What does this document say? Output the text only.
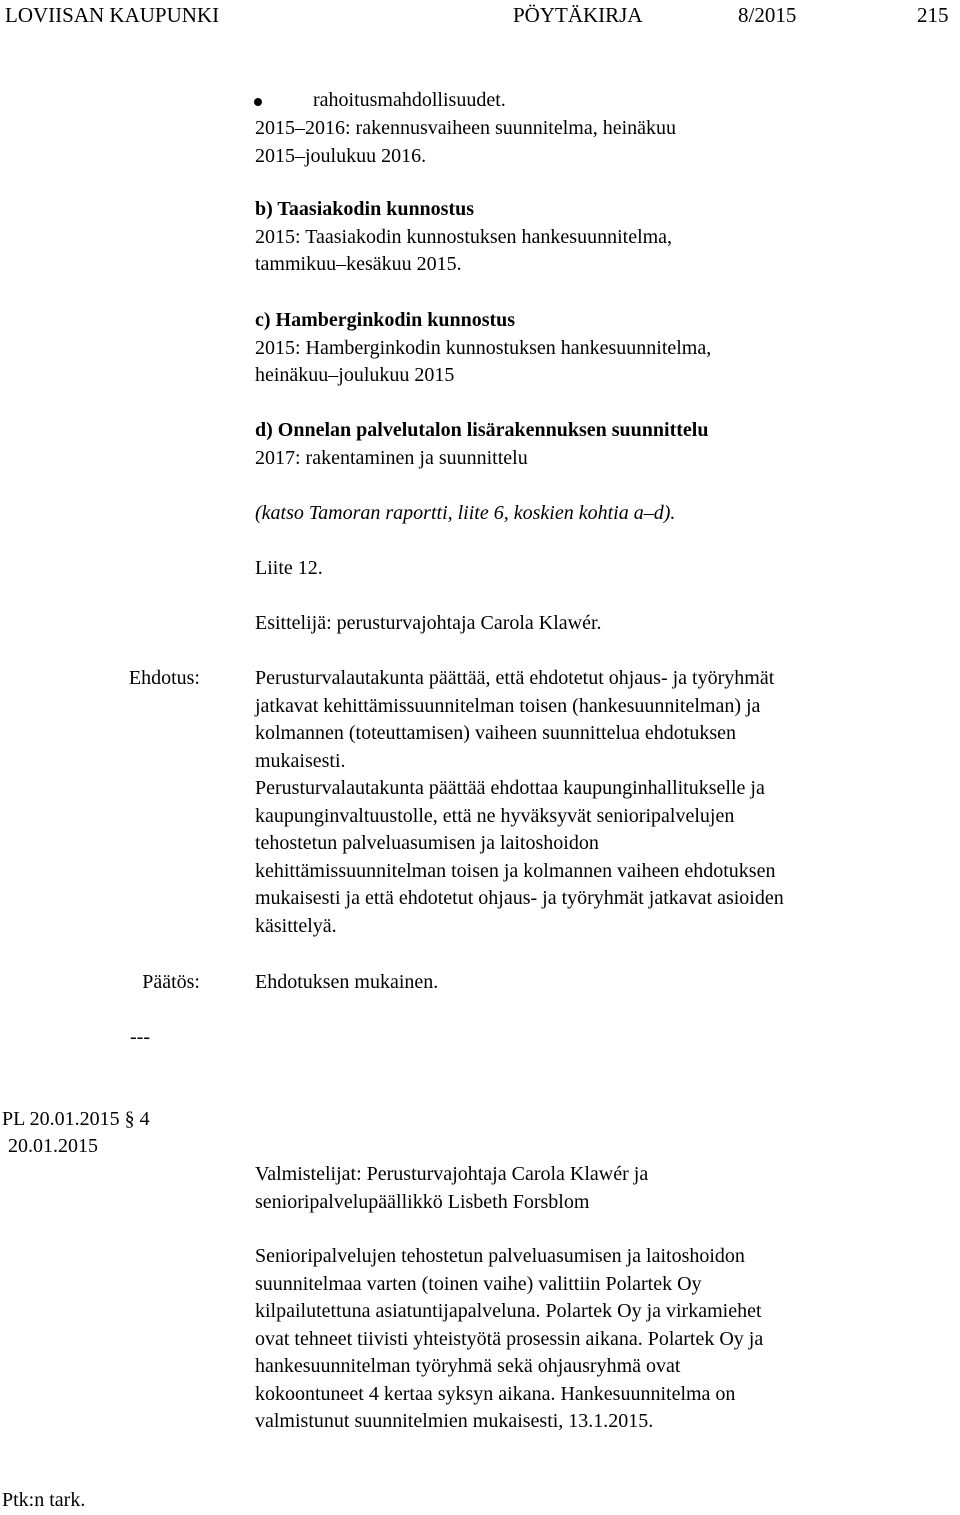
LOVIISAN KAUPUNKI	PÖYTÄKIRJA	8/2015	215
rahoitusmahdollisuudet.
2015–2016: rakennusvaiheen suunnitelma, heinäkuu
2015–joulukuu 2016.
b) Taasiakodin kunnostus
2015: Taasiakodin kunnostuksen hankesuunnitelma,
tammikuu–kesäkuu 2015.
c) Hamberginkodin kunnostus
2015: Hamberginkodin kunnostuksen hankesuunnitelma,
heinäkuu–joulukuu 2015
d) Onnelan palvelutalon lisärakennuksen suunnittelu
2017: rakentaminen ja suunnittelu
(katso Tamoran raportti, liite 6, koskien kohtia a–d).
Liite 12.
Esittelijä: perusturvajohtaja Carola Klawér.
Ehdotus:	Perusturvalautakunta päättää, että ehdotetut ohjaus- ja työryhmät
jatkavat kehittämissuunnitelman toisen (hankesuunnitelman) ja
kolmannen (toteuttamisen) vaiheen suunnittelua ehdotuksen
mukaisesti.
Perusturvalautakunta päättää ehdottaa kaupunginhallitukselle ja
kaupunginvaltuustolle, että ne hyväksyvät senioripalvelujen
tehostetun palveluasumisen ja laitoshoidon
kehittämissuunnitelman toisen ja kolmannen vaiheen ehdotuksen
mukaisesti ja että ehdotetut ohjaus- ja työryhmät jatkavat asioiden
käsittelyä.
Päätös:	Ehdotuksen mukainen.
---
PL 20.01.2015 § 4
20.01.2015
Valmistelijat: Perusturvajohtaja Carola Klawér ja
senioripalvelupäällikkö Lisbeth Forsblom
Senioripalvelujen tehostetun palveluasumisen ja laitoshoidon
suunnitelmaa varten (toinen vaihe) valittiin Polartek Oy
kilpailutettuna asiatuntijapalveluna. Polartek Oy ja virkamiehet
ovat tehneet tiivisti yhteistyötä prosessin aikana. Polartek Oy ja
hankesuunnitelman työryhmä sekä ohjausryhmä ovat
kokoontuneet 4 kertaa syksyn aikana. Hankesuunnitelma on
valmistunut suunnitelmien mukaisesti, 13.1.2015.
Ptk:n tark.
